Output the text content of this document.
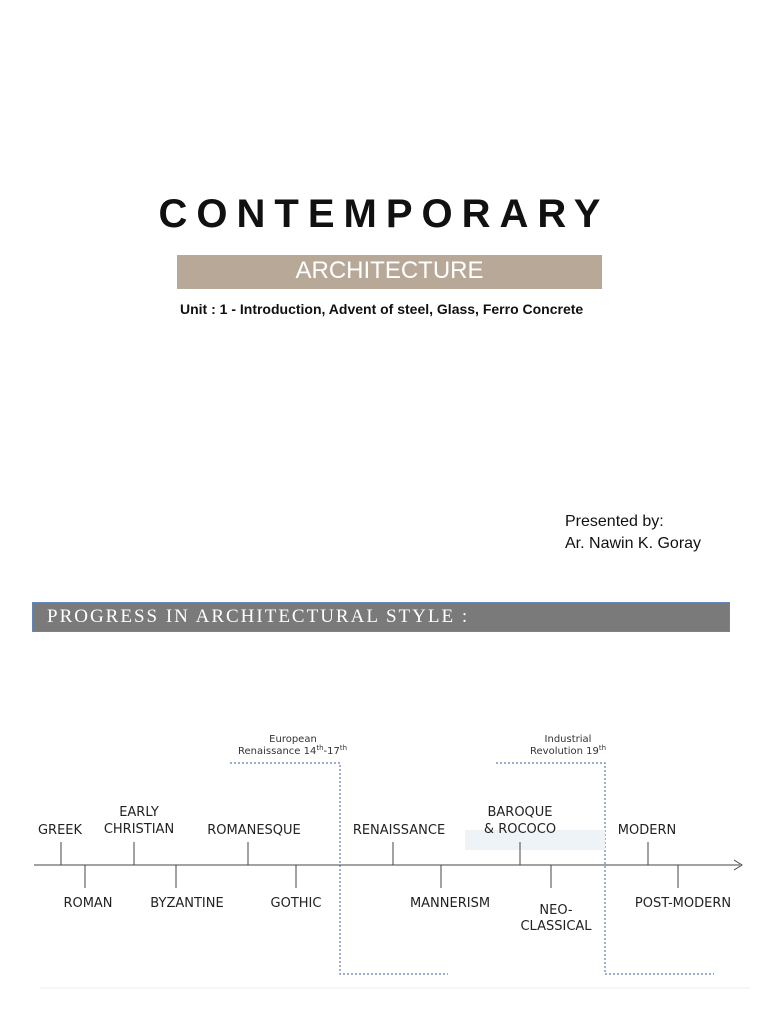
CONTEMPORARY
ARCHITECTURE
Unit : 1 - Introduction, Advent of steel, Glass, Ferro Concrete
Presented by:
Ar. Nawin K. Goray
PROGRESS IN ARCHITECTURAL STYLE :
European
Renaissance 14th-17th
Industrial
Revolution 19th
GREEK
EARLY
CHRISTIAN	ROMANESQUE	RENAISSANCE
BAROQUE
& ROCOCO	MODERN
ROMAN	BYZANTINE	GOTHIC	MANNERISM	NEO-
CLASSICAL
POST-MODERN
